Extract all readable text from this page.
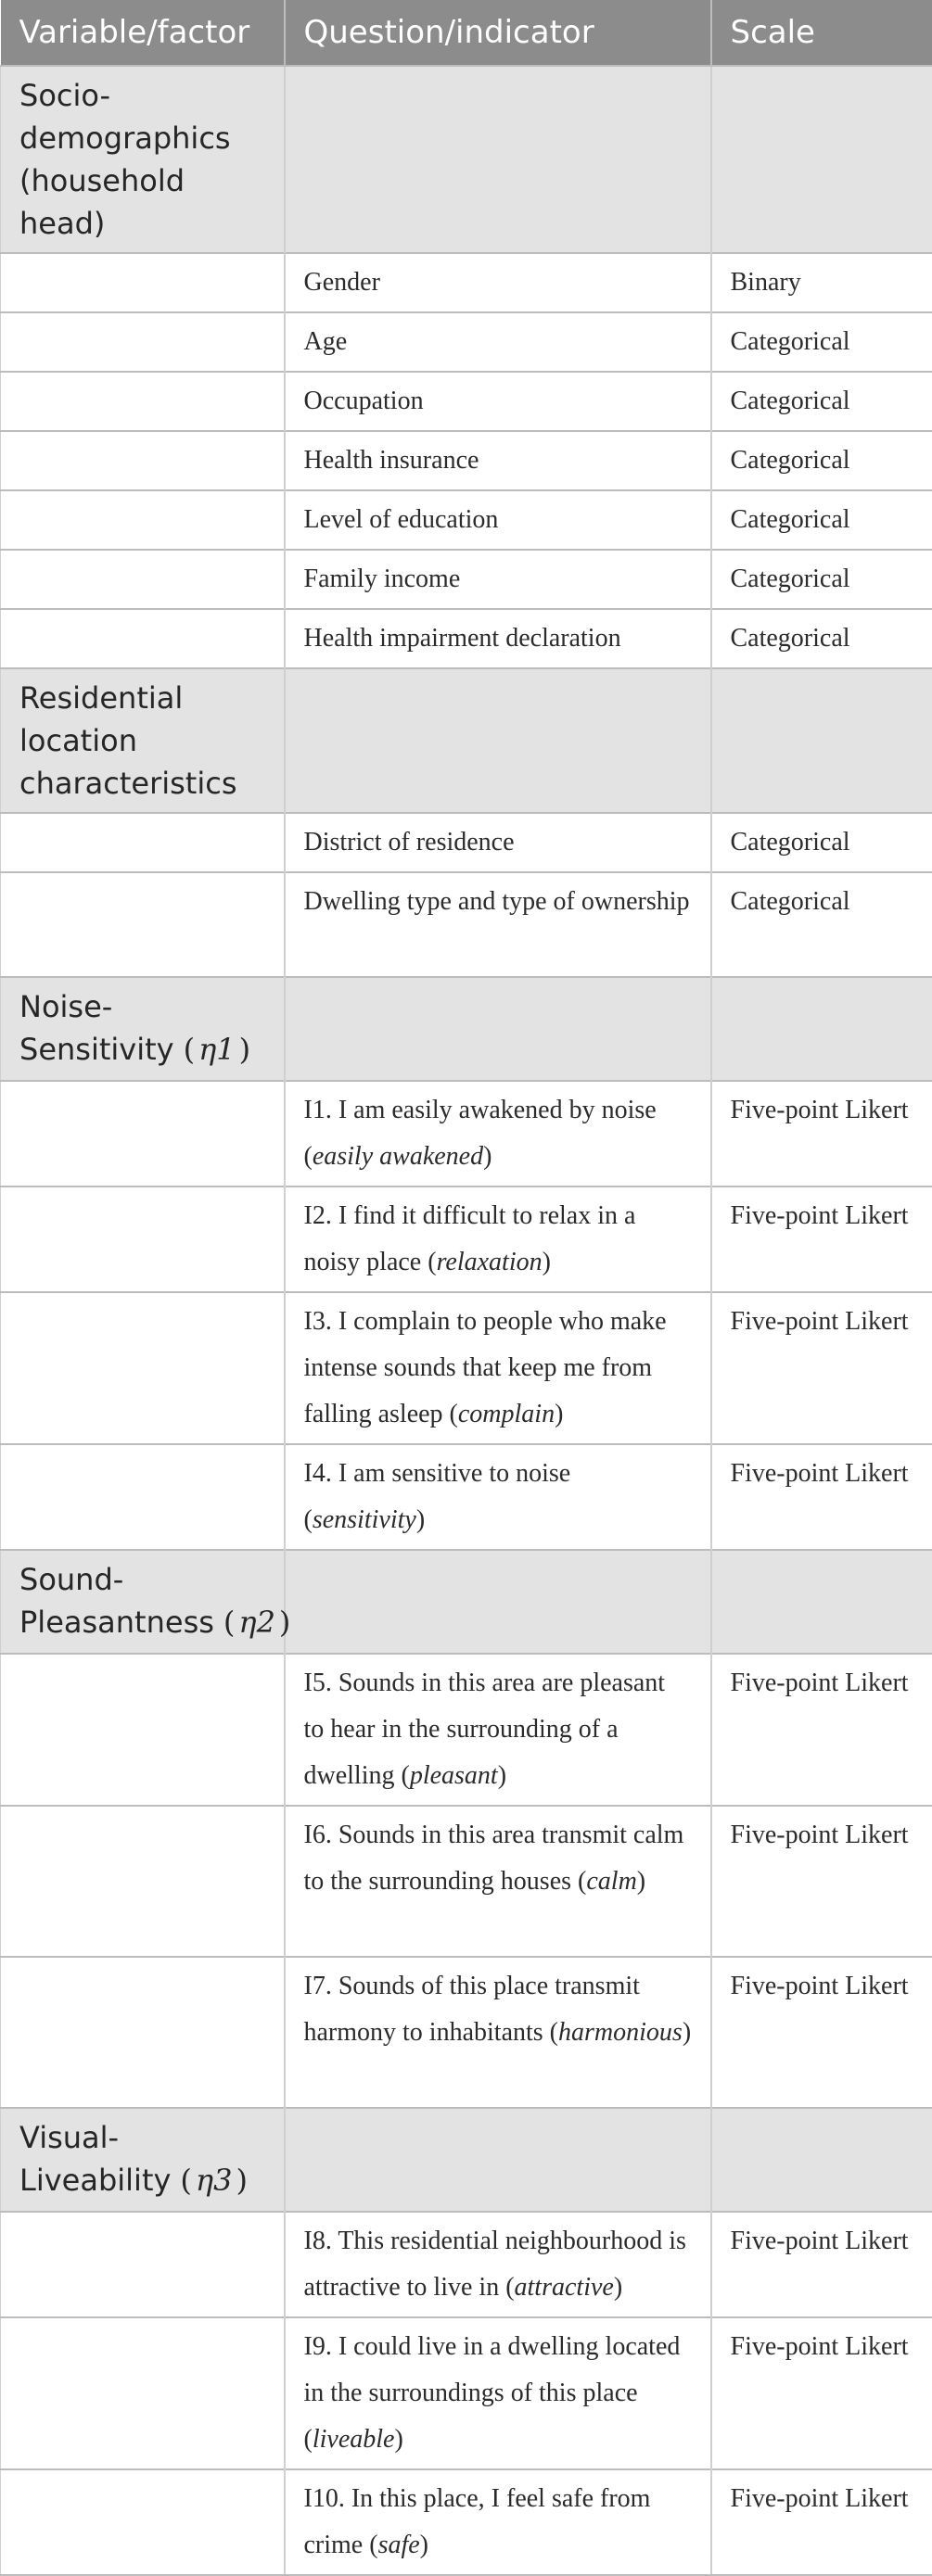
Variable/factor	Question/indicator	Scale
Socio-demographics (household head)		
	Gender	Binary
	Age	Categorical
	Occupation	Categorical
	Health insurance	Categorical
	Level of education	Categorical
	Family income	Categorical
	Health impairment declaration	Categorical
Residential location characteristics		
	District of residence	Categorical
	Dwelling type and type of ownership	Categorical
Noise-Sensitivity ( η1 )		
	I1. I am easily awakened by noise (easily awakened)	Five-point Likert
	I2. I find it difficult to relax in a noisy place (relaxation)	Five-point Likert
	I3. I complain to people who make intense sounds that keep me from falling asleep (complain)	Five-point Likert
	I4. I am sensitive to noise (sensitivity)	Five-point Likert
Sound-Pleasantness ( η2 )		
	I5. Sounds in this area are pleasant to hear in the surrounding of a dwelling (pleasant)	Five-point Likert
	I6. Sounds in this area transmit calm to the surrounding houses (calm)	Five-point Likert
	I7. Sounds of this place transmit harmony to inhabitants (harmonious)	Five-point Likert
Visual-Liveability ( η3 )		
	I8. This residential neighbourhood is attractive to live in (attractive)	Five-point Likert
	I9. I could live in a dwelling located in the surroundings of this place (liveable)	Five-point Likert
	I10. In this place, I feel safe from crime (safe)	Five-point Likert
